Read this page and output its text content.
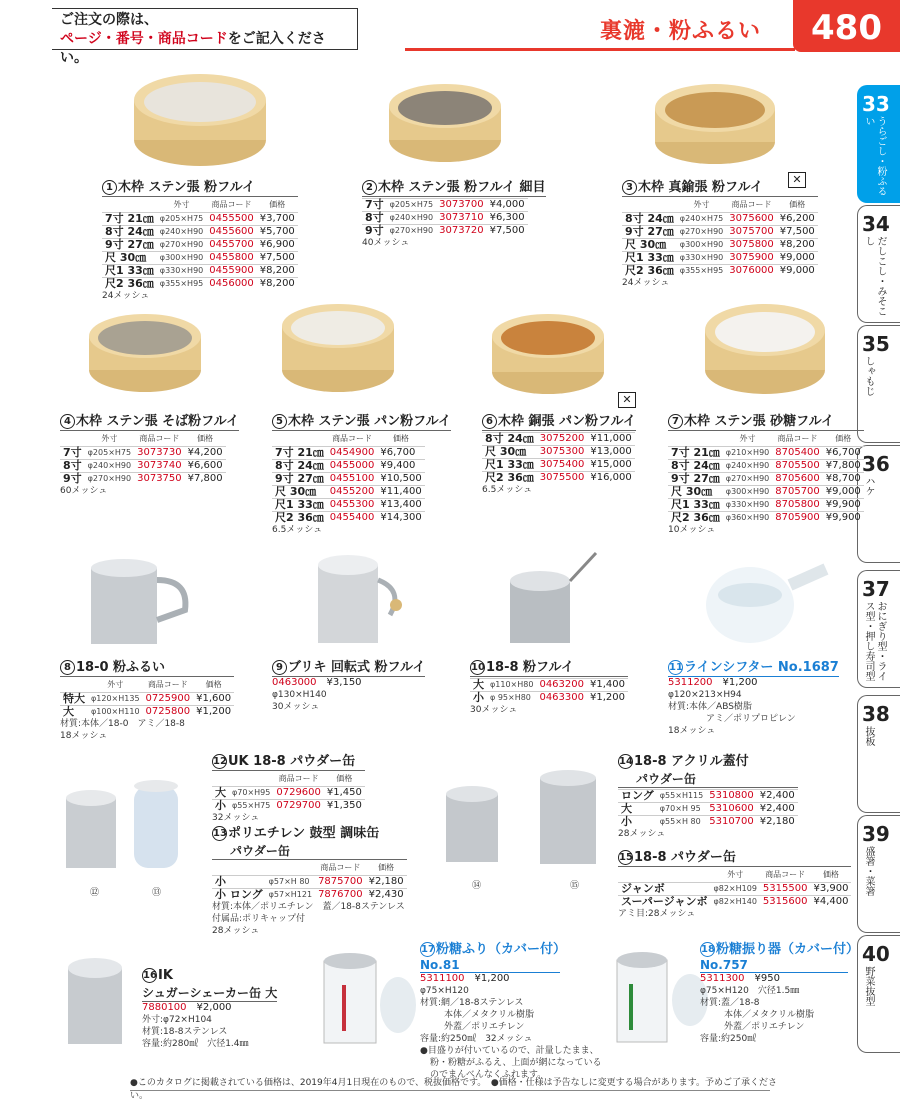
ご注文の際は、
ページ・番号・商品コードをご記入ください。
裏漉・粉ふるい	480
33
うらごし・粉ふるい
34
だしこし・みそこし
35
しゃもじ
36
ハケ
37
おにぎり型・ライス型・押し寿司型
38
抜板
39
盛箸・菜箸
40
野菜抜型
⑫	⑬
⑭	⑮
1 木枠 ステン張 粉フルイ
	外寸	商品コード	価格
7寸 21㎝	φ205×H75	0455500	¥3,700
8寸 24㎝	φ240×H90	0455600	¥5,700
9寸 27㎝	φ270×H90	0455700	¥6,900
尺 30㎝	φ300×H90	0455800	¥7,500
尺1 33㎝	φ330×H90	0455900	¥8,200
尺2 36㎝	φ355×H95	0456000	¥8,200
24メッシュ
2 木枠 ステン張 粉フルイ 細目
7寸	φ205×H75	3073700	¥4,000
8寸	φ240×H90	3073710	¥6,300
9寸	φ270×H90	3073720	¥7,500
40メッシュ
3 木枠 真鍮張 粉フルイ
	外寸	商品コード	価格
8寸 24㎝	φ240×H75	3075600	¥6,200
9寸 27㎝	φ270×H90	3075700	¥7,500
尺 30㎝	φ300×H90	3075800	¥8,200
尺1 33㎝	φ330×H90	3075900	¥9,000
尺2 36㎝	φ355×H95	3076000	¥9,000
24メッシュ
✕
4 木枠 ステン張 そば粉フルイ
	外寸	商品コード	価格
7寸	φ205×H75	3073730	¥4,200
8寸	φ240×H90	3073740	¥6,600
9寸	φ270×H90	3073750	¥7,800
60メッシュ
5 木枠 ステン張 パン粉フルイ
	商品コード	価格
7寸 21㎝	0454900	¥6,700
8寸 24㎝	0455000	¥9,400
9寸 27㎝	0455100	¥10,500
尺 30㎝	0455200	¥11,400
尺1 33㎝	0455300	¥13,400
尺2 36㎝	0455400	¥14,300
6.5メッシュ
6 木枠 銅張 パン粉フルイ
8寸 24㎝	3075200	¥11,000
尺 30㎝	3075300	¥13,000
尺1 33㎝	3075400	¥15,000
尺2 36㎝	3075500	¥16,000
6.5メッシュ
✕
7 木枠 ステン張 砂糖フルイ
	外寸	商品コード	価格
7寸 21㎝	φ210×H90	8705400	¥6,700
8寸 24㎝	φ240×H90	8705500	¥7,800
9寸 27㎝	φ270×H90	8705600	¥8,700
尺 30㎝	φ300×H90	8705700	¥9,000
尺1 33㎝	φ330×H90	8705800	¥9,900
尺2 36㎝	φ360×H90	8705900	¥9,900
10メッシュ
8 18-0 粉ふるい
	外寸	商品コード	価格
特大	φ120×H135	0725900	¥1,600
大	φ100×H110	0725800	¥1,200
材質:本体／18-0　アミ／18-8
18メッシュ
9 ブリキ 回転式 粉フルイ
0463000　 ¥3,150
φ130×H140
30メッシュ
1018-8 粉フルイ
大	φ110×H80	0463200	¥1,400
小	φ 95×H80	0463300	¥1,200
30メッシュ
11ラインシフター No.1687
5311200　 ¥1,200
φ120×213×H94
材質:本体／ABS樹脂
アミ／ポリプロピレン
18メッシュ
12UK 18-8 パウダー缶
		商品コード	価格
大	φ70×H95	0729600	¥1,450
小	φ55×H75	0729700	¥1,350
32メッシュ
13ポリエチレン 鼓型 調味缶
パウダー缶
		商品コード	価格
小	φ57×H 80	7875700	¥2,180
小 ロング	φ57×H121	7876700	¥2,430
材質:本体／ポリエチレン　蓋／18-8ステンレス
付属品:ポリキャップ付
28メッシュ
1418-8 アクリル蓋付
パウダー缶
ロング	φ55×H115	5310800	¥2,400
大	φ70×H 95	5310600	¥2,400
小	φ55×H 80	5310700	¥2,180
28メッシュ
1518-8 パウダー缶
	外寸	商品コード	価格
ジャンボ	φ82×H109	5315500	¥3,900
スーパージャンボ	φ82×H140	5315600	¥4,400
アミ目:28メッシュ
16IK
シュガーシェーカー缶 大
7880100　 ¥2,000
外寸:φ72×H104
材質:18-8ステンレス
容量:約280㎖　穴径1.4㎜
17粉糖ふり（カバー付）
No.81
5311100　 ¥1,200
φ75×H120
材質:網／18-8ステンレス
本体／メタクリル樹脂
外蓋／ポリエチレン
容量:約250㎖　32メッシュ
●目盛りが付いているので、計量したまま、
粉・粉糖がふるえ、上面が網になっている
のでまんべんなくふれます。
18粉糖振り器（カバー付）
No.757
5311300　 ¥950
φ75×H120　穴径1.5㎜
材質:蓋／18-8
本体／メタクリル樹脂
外蓋／ポリエチレン
容量:約250㎖
●このカタログに掲載されている価格は、2019年4月1日現在のもので、税抜価格です。　 ●価格・仕様は予告なしに変更する場合があります。予めご了承ください。
